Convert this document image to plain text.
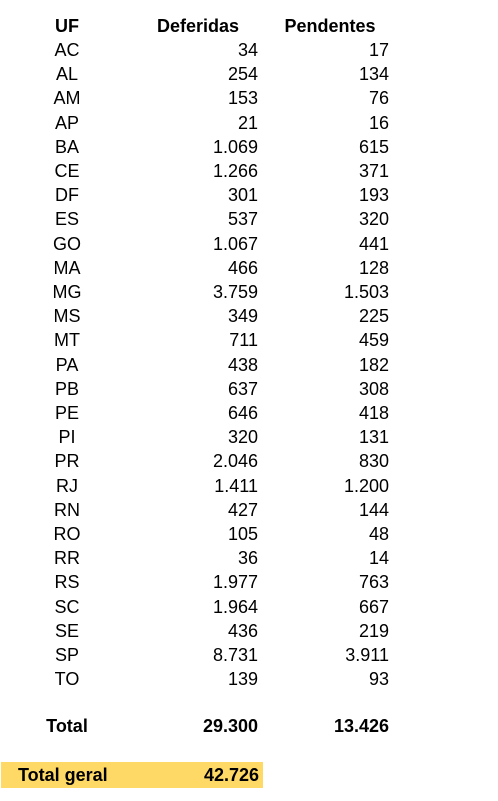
UF	Deferidas	Pendentes
AC	34	17
AL	254	134
AM	153	76
AP	21	16
BA	1.069	615
CE	1.266	371
DF	301	193
ES	537	320
GO	1.067	441
MA	466	128
MG	3.759	1.503
MS	349	225
MT	711	459
PA	438	182
PB	637	308
PE	646	418
PI	320	131
PR	2.046	830
RJ	1.411	1.200
RN	427	144
RO	105	48
RR	36	14
RS	1.977	763
SC	1.964	667
SE	436	219
SP	8.731	3.911
TO	139	93
Total	29.300	13.426
Total geral	42.726
